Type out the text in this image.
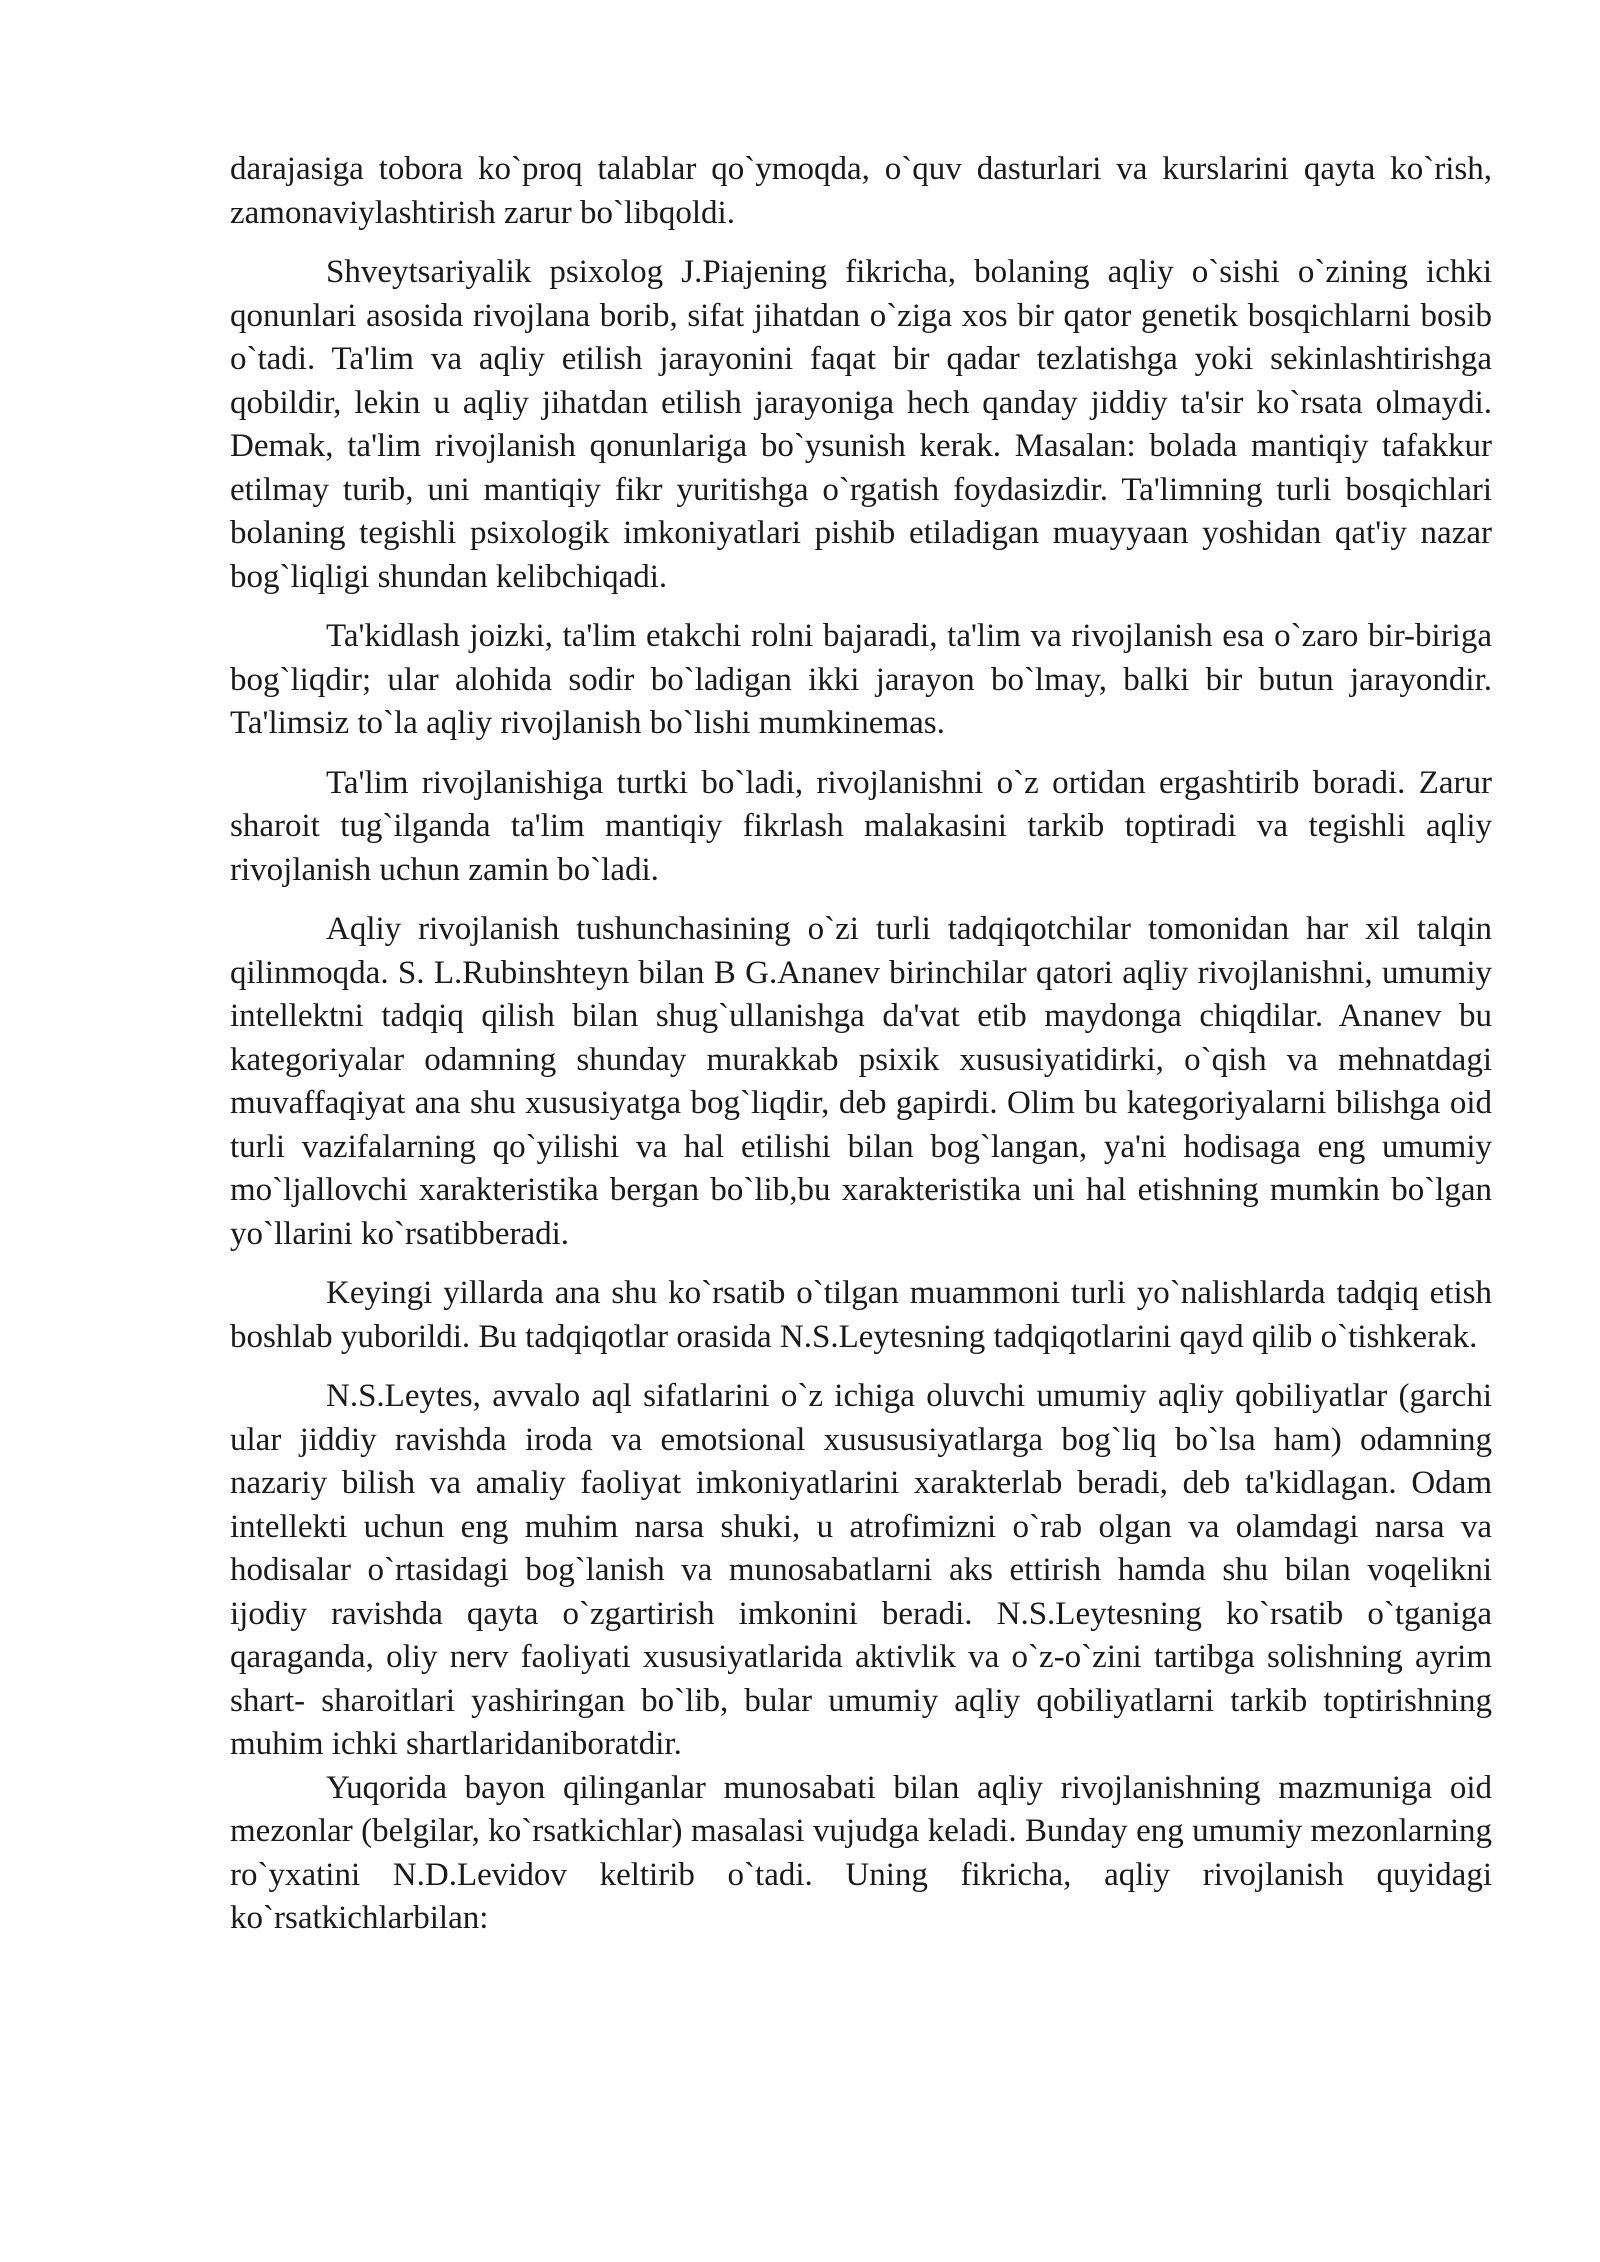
darajasiga tobora ko`proq talablar qo`ymoqda, o`quv dasturlari va kurslarini qayta ko`rish, zamonaviylashtirish zarur bo`libqoldi.

Shveytsariyalik psixolog J.Piajening fikricha, bolaning aqliy o`sishi o`zining ichki qonunlari asosida rivojlana borib, sifat jihatdan o`ziga xos bir qator genetik bosqichlarni bosib o`tadi. Ta'lim va aqliy etilish jarayonini faqat bir qadar tezlatishga yoki sekinlashtirishga qobildir, lekin u aqliy jihatdan etilish jarayoniga hech qanday jiddiy ta'sir ko`rsata olmaydi. Demak, ta'lim rivojlanish qonunlariga bo`ysunish kerak. Masalan: bolada mantiqiy tafakkur etilmay turib, uni mantiqiy fikr yuritishga o`rgatish foydasizdir. Ta'limning turli bosqichlari bolaning tegishli psixologik imkoniyatlari pishib etiladigan muayyaan yoshidan qat'iy nazar bog`liqligi shundan kelibchiqadi.

Ta'kidlash joizki, ta'lim etakchi rolni bajaradi, ta'lim va rivojlanish esa o`zaro bir-biriga bog`liqdir; ular alohida sodir bo`ladigan ikki jarayon bo`lmay, balki bir butun jarayondir. Ta'limsiz to`la aqliy rivojlanish bo`lishi mumkinemas.

Ta'lim rivojlanishiga turtki bo`ladi, rivojlanishni o`z ortidan ergashtirib boradi. Zarur sharoit tug`ilganda ta'lim mantiqiy fikrlash malakasini tarkib toptiradi va tegishli aqliy rivojlanish uchun zamin bo`ladi.

Aqliy rivojlanish tushunchasining o`zi turli tadqiqotchilar tomonidan har xil talqin qilinmoqda. S. L.Rubinshteyn bilan B G.Ananev birinchilar qatori aqliy rivojlanishni, umumiy intellektni tadqiq qilish bilan shug`ullanishga da'vat etib maydonga chiqdilar. Ananev bu kategoriyalar odamning shunday murakkab psixik xususiyatidirki, o`qish va mehnatdagi muvaffaqiyat ana shu xususiyatga bog`liqdir, deb gapirdi. Olim bu kategoriyalarni bilishga oid turli vazifalarning qo`yilishi va hal etilishi bilan bog`langan, ya'ni hodisaga eng umumiy mo`ljallovchi xarakteristika bergan bo`lib,bu xarakteristika uni hal etishning mumkin bo`lgan yo`llarini ko`rsatibberadi.

Keyingi yillarda ana shu ko`rsatib o`tilgan muammoni turli yo`nalishlarda tadqiq etish boshlab yuborildi. Bu tadqiqotlar orasida N.S.Leytesning tadqiqotlarini qayd qilib o`tishkerak.

N.S.Leytes, avvalo aql sifatlarini o`z ichiga oluvchi umumiy aqliy qobiliyatlar (garchi ular jiddiy ravishda iroda va emotsional xusususiyatlarga bog`liq bo`lsa ham) odamning nazariy bilish va amaliy faoliyat imkoniyatlarini xarakterlab beradi, deb ta'kidlagan. Odam intellekti uchun eng muhim narsa shuki, u atrofimizni o`rab olgan va olamdagi narsa va hodisalar o`rtasidagi bog`lanish va munosabatlarni aks ettirish hamda shu bilan voqelikni ijodiy ravishda qayta o`zgartirish imkonini beradi. N.S.Leytesning ko`rsatib o`tganiga qaraganda, oliy nerv faoliyati xususiyatlarida aktivlik va o`z-o`zini tartibga solishning ayrim shart- sharoitlari yashiringan bo`lib, bular umumiy aqliy qobiliyatlarni tarkib toptirishning muhim ichki shartlaridaniboratdir.

Yuqorida bayon qilinganlar munosabati bilan aqliy rivojlanishning mazmuniga oid mezonlar (belgilar, ko`rsatkichlar) masalasi vujudga keladi. Bunday eng umumiy mezonlarning ro`yxatini N.D.Levidov keltirib o`tadi. Uning fikricha, aqliy rivojlanish quyidagi ko`rsatkichlarbilan:
